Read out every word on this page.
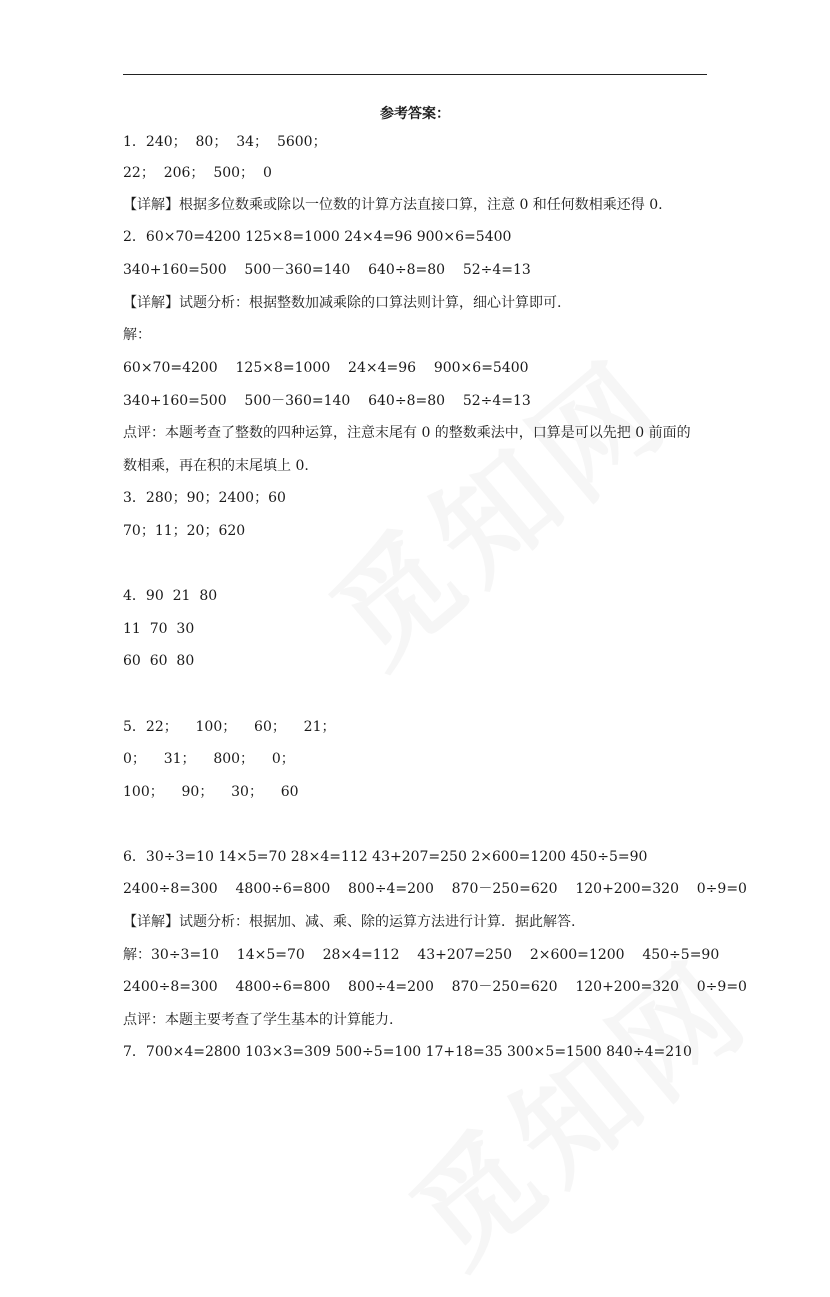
参考答案：
1．240；  80；  34；  5600；
22；  206；  500；  0
【详解】根据多位数乘或除以一位数的计算方法直接口算，注意 0 和任何数相乘还得 0.
2．60×70=4200 125×8=1000 24×4=96 900×6=5400
340+160=500    500－360=140    640÷8=80    52÷4=13
【详解】试题分析：根据整数加减乘除的口算法则计算，细心计算即可.
解：
60×70=4200    125×8=1000    24×4=96    900×6=5400
340+160=500    500－360=140    640÷8=80    52÷4=13
点评：本题考查了整数的四种运算，注意末尾有 0 的整数乘法中，口算是可以先把 0 前面的
数相乘，再在积的末尾填上 0.
3．280；90；2400；60
70；11；20；620
4．90  21  80
11  70  30
60  60  80
5．22；    100；    60；    21；
0；    31；    800；    0；
100；    90；    30；    60
6．30÷3=10 14×5=70 28×4=112 43+207=250 2×600=1200 450÷5=90
2400÷8=300    4800÷6=800    800÷4=200    870－250=620    120+200=320    0÷9=0
【详解】试题分析：根据加、减、乘、除的运算方法进行计算．据此解答.
解：30÷3=10    14×5=70    28×4=112    43+207=250    2×600=1200    450÷5=90
2400÷8=300    4800÷6=800    800÷4=200    870－250=620    120+200=320    0÷9=0
点评：本题主要考查了学生基本的计算能力.
7．700×4=2800 103×3=309 500÷5=100 17+18=35 300×5=1500 840÷4=210
